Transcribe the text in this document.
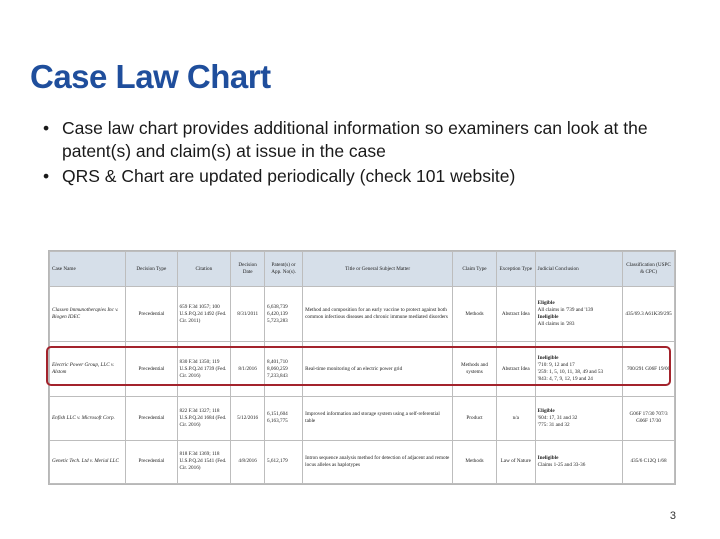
Case Law Chart
• Case law chart provides additional information so examiners can look at the patent(s) and claim(s) at issue in the case
• QRS & Chart are updated periodically (check 101 website)
Case Name	Decision Type	Citation	Decision Date	Patent(s) or App. No(s).	Title or General Subject Matter	Claim Type	Exception Type	Judicial Conclusion	Classification (USPC & CPC)
Classen Immunotherapies Inc v. Biogen IDEC	Precedential	659 F.3d 1057; 100 U.S.P.Q.2d 1492 (Fed. Cir. 2011)	8/31/2011	6,638,739 6,420,139 5,723,283	Method and composition for an early vaccine to protect against both common infectious diseases and chronic immune mediated disorders	Methods	Abstract Idea	Eligible
All claims in '739 and '139
Ineligible
All claims in '283	435/69.3 A61K39/295
Electric Power Group, LLC v. Alstom	Precedential	830 F.3d 1350; 119 U.S.P.Q.2d 1739 (Fed. Cir. 2016)	8/1/2016	8,401,710 8,060,259 7,233,843	Real-time monitoring of an electric power grid	Methods and systems	Abstract Idea	Ineligible
'710: 9, 12 and 17
'259: 1, 5, 10, 11, 38, 49 and 53
'843: 4, 7, 9, 12, 19 and 24	700/291 G06F 19/00
Enfish LLC v. Microsoft Corp.	Precedential	822 F.3d 1327; 118 U.S.P.Q.2d 1684 (Fed. Cir. 2016)	5/12/2016	6,151,604 6,163,775	Improved information and storage system using a self-referential table	Product	n/a	Eligible
'604: 17, 31 and 32
'775: 31 and 32	G06F 17/30 707/3 G06F 17/30
Genetic Tech. Ltd v. Merial LLC	Precedential	818 F.3d 1369; 118 U.S.P.Q.2d 1541 (Fed. Cir. 2016)	4/8/2016	5,612,179	Intron sequence analysis method for detection of adjacent and remote locus alleles as haplotypes	Methods	Law of Nature	Ineligible
Claims 1-25 and 33-36	435/6 C12Q 1/68
3
